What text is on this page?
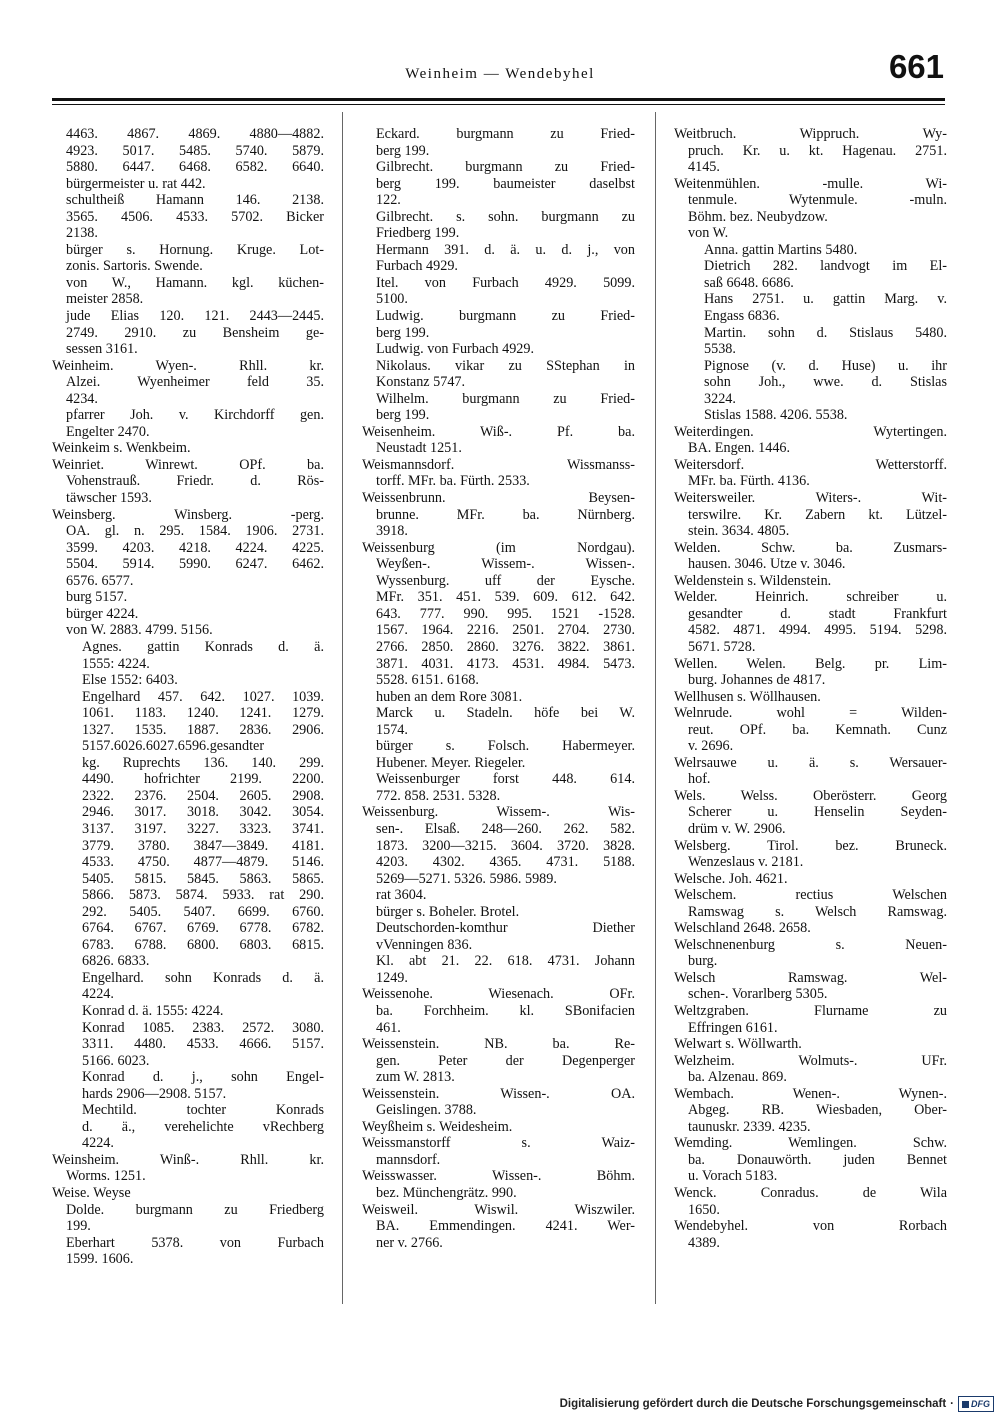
Weinheim — Wendebyhel	661
4463. 4867. 4869. 4880—4882.
4923. 5017. 5485. 5740. 5879.
5880. 6447. 6468. 6582. 6640.
bürgermeister u. rat 442.
schultheiß Hamann 146. 2138.
3565. 4506. 4533. 5702. Bicker
2138.
bürger s. Hornung. Kruge. Lot-
zonis. Sartoris. Swende.
von W., Hamann. kgl. küchen-
meister 2858.
jude Elias 120. 121. 2443—2445.
2749. 2910. zu Bensheim ge-
sessen 3161.
Weinheim. Wyen-. Rhll. kr.
Alzei. Wyenheimer feld 35.
4234.
pfarrer Joh. v. Kirchdorff gen.
Engelter 2470.
Weinkeim s. Wenkbeim.
Weinriet. Winrewt. OPf. ba.
Vohenstrauß. Friedr. d. Rös-
täwscher 1593.
Weinsberg. Winsberg. -perg.
OA. gl. n. 295. 1584. 1906. 2731.
3599. 4203. 4218. 4224. 4225.
5504. 5914. 5990. 6247. 6462.
6576. 6577.
burg 5157.
bürger 4224.
von W. 2883. 4799. 5156.
Agnes. gattin Konrads d. ä.
1555: 4224.
Else 1552: 6403.
Engelhard 457. 642. 1027. 1039.
1061. 1183. 1240. 1241. 1279.
1327. 1535. 1887. 2836. 2906.
5157.6026.6027.6596.gesandter
kg. Ruprechts 136. 140. 299.
4490. hofrichter 2199. 2200.
2322. 2376. 2504. 2605. 2908.
2946. 3017. 3018. 3042. 3054.
3137. 3197. 3227. 3323. 3741.
3779. 3780. 3847—3849. 4181.
4533. 4750. 4877—4879. 5146.
5405. 5815. 5845. 5863. 5865.
5866. 5873. 5874. 5933. rat 290.
292. 5405. 5407. 6699. 6760.
6764. 6767. 6769. 6778. 6782.
6783. 6788. 6800. 6803. 6815.
6826. 6833.
Engelhard. sohn Konrads d. ä.
4224.
Konrad d. ä. 1555: 4224.
Konrad 1085. 2383. 2572. 3080.
3311. 4480. 4533. 4666. 5157.
5166. 6023.
Konrad d. j., sohn Engel-
hards 2906—2908. 5157.
Mechtild. tochter Konrads
d. ä., verehelichte vRechberg
4224.
Weinsheim. Winß-. Rhll. kr.
Worms. 1251.
Weise. Weyse
Dolde. burgmann zu Friedberg
199.
Eberhart 5378. von Furbach
1599. 1606.
Eckard. burgmann zu Fried-
berg 199.
Gilbrecht. burgmann zu Fried-
berg 199. baumeister daselbst
122.
Gilbrecht. s. sohn. burgmann zu
Friedberg 199.
Hermann 391. d. ä. u. d. j., von
Furbach 4929.
Itel. von Furbach 4929. 5099.
5100.
Ludwig. burgmann zu Fried-
berg 199.
Ludwig. von Furbach 4929.
Nikolaus. vikar zu SStephan in
Konstanz 5747.
Wilhelm. burgmann zu Fried-
berg 199.
Weisenheim. Wiß-. Pf. ba.
Neustadt 1251.
Weismannsdorf. Wissmanss-
torff. MFr. ba. Fürth. 2533.
Weissenbrunn. Beysen-
brunne. MFr. ba. Nürnberg.
3918.
Weissenburg (im Nordgau).
Weyßen-. Wissem-. Wissen-.
Wyssenburg. uff der Eysche.
MFr. 351. 451. 539. 609. 612. 642.
643. 777. 990. 995. 1521 -1528.
1567. 1964. 2216. 2501. 2704. 2730.
2766. 2850. 2860. 3276. 3822. 3861.
3871. 4031. 4173. 4531. 4984. 5473.
5528. 6151. 6168.
huben an dem Rore 3081.
Marck u. Stadeln. höfe bei W.
1574.
bürger s. Folsch. Habermeyer.
Hubener. Meyer. Riegeler.
Weissenburger forst 448. 614.
772. 858. 2531. 5328.
Weissenburg. Wissem-. Wis-
sen-. Elsaß. 248—260. 262. 582.
1873. 3200—3215. 3604. 3720. 3828.
4203. 4302. 4365. 4731. 5188.
5269—5271. 5326. 5986. 5989.
rat 3604.
bürger s. Boheler. Brotel.
Deutschorden-komthur Diether
vVenningen 836.
Kl. abt 21. 22. 618. 4731. Johann
1249.
Weissenohe. Wiesenach. OFr.
ba. Forchheim. kl. SBonifacien
461.
Weissenstein. NB. ba. Re-
gen. Peter der Degenperger
zum W. 2813.
Weissenstein. Wissen-. OA.
Geislingen. 3788.
Weyßheim s. Weidesheim.
Weissmanstorff s. Waiz-
mannsdorf.
Weisswasser. Wissen-. Böhm.
bez. Münchengrätz. 990.
Weisweil. Wiswil. Wiszwiler.
BA. Emmendingen. 4241. Wer-
ner v. 2766.
Weitbruch. Wippruch. Wy-
pruch. Kr. u. kt. Hagenau. 2751.
4145.
Weitenmühlen. -mulle. Wi-
tenmule. Wytenmule. -muln.
Böhm. bez. Neubydzow.
von W.
Anna. gattin Martins 5480.
Dietrich 282. landvogt im El-
saß 6648. 6686.
Hans 2751. u. gattin Marg. v.
Engass 6836.
Martin. sohn d. Stislaus 5480.
5538.
Pignose (v. d. Huse) u. ihr
sohn Joh., wwe. d. Stislas
3224.
Stislas 1588. 4206. 5538.
Weiterdingen. Wytertingen.
BA. Engen. 1446.
Weitersdorf. Wetterstorff.
MFr. ba. Fürth. 4136.
Weitersweiler. Witers-. Wit-
terswilre. Kr. Zabern kt. Lützel-
stein. 3634. 4805.
Welden. Schw. ba. Zusmars-
hausen. 3046. Utze v. 3046.
Weldenstein s. Wildenstein.
Welder. Heinrich. schreiber u.
gesandter d. stadt Frankfurt
4582. 4871. 4994. 4995. 5194. 5298.
5671. 5728.
Wellen. Welen. Belg. pr. Lim-
burg. Johannes de 4817.
Wellhusen s. Wöllhausen.
Welnrude. wohl = Wilden-
reut. OPf. ba. Kemnath. Cunz
v. 2696.
Welrsauwe u. ä. s. Wersauer-
hof.
Wels. Welss. Oberösterr. Georg
Scherer u. Henselin Seyden-
drüm v. W. 2906.
Welsberg. Tirol. bez. Bruneck.
Wenzeslaus v. 2181.
Welsche. Joh. 4621.
Welschem. rectius Welschen
Ramswag s. Welsch Ramswag.
Welschland 2648. 2658.
Welschnenenburg s. Neuen-
burg.
Welsch Ramswag. Wel-
schen-. Vorarlberg 5305.
Weltzgraben. Flurname zu
Effringen 6161.
Welwart s. Wöllwarth.
Welzheim. Wolmuts-. UFr.
ba. Alzenau. 869.
Wembach. Wenen-. Wynen-.
Abgeg. RB. Wiesbaden, Ober-
taunuskr. 2339. 4235.
Wemding. Wemlingen. Schw.
ba. Donauwörth. juden Bennet
u. Vorach 5183.
Wenck. Conradus. de Wila
1650.
Wendebyhel. von Rorbach
4389.
Digitalisierung gefördert durch die Deutsche Forschungsgemeinschaft · DFG
